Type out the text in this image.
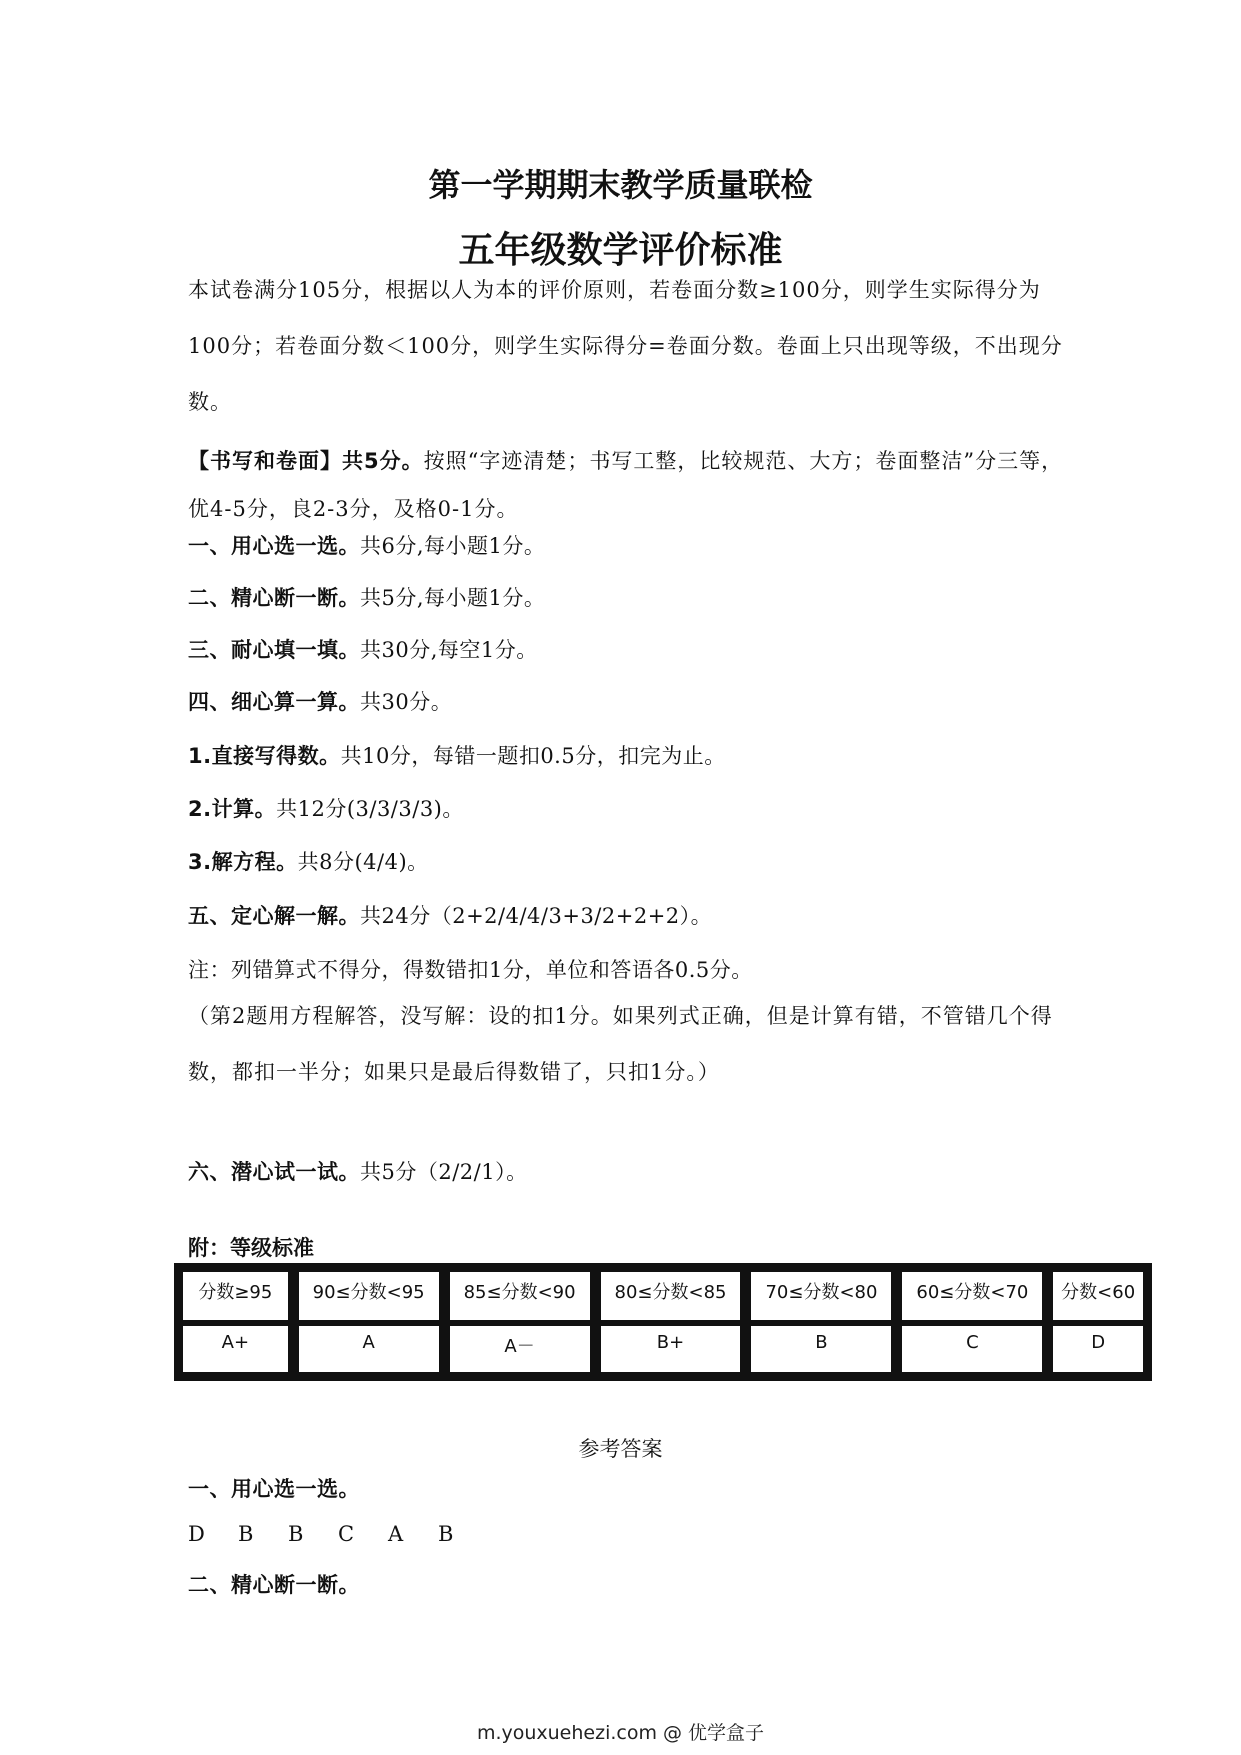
第一学期期末教学质量联检
五年级数学评价标准
本试卷满分105分，根据以人为本的评价原则，若卷面分数≥100分，则学生实际得分为100分；若卷面分数＜100分，则学生实际得分=卷面分数。卷面上只出现等级，不出现分数。
【书写和卷面】共5分。按照“字迹清楚；书写工整，比较规范、大方；卷面整洁”分三等，优4-5分，良2-3分，及格0-1分。
一、用心选一选。共6分,每小题1分。
二、精心断一断。共5分,每小题1分。
三、耐心填一填。共30分,每空1分。
四、细心算一算。共30分。
1.直接写得数。共10分，每错一题扣0.5分，扣完为止。
2.计算。共12分(3/3/3/3)。
3.解方程。共8分(4/4)。
五、定心解一解。共24分（2+2/4/4/3+3/2+2+2）。
注：列错算式不得分，得数错扣1分，单位和答语各0.5分。
（第2题用方程解答，没写解：设的扣1分。如果列式正确，但是计算有错，不管错几个得数，都扣一半分；如果只是最后得数错了，只扣1分。）
六、潜心试一试。共5分（2/2/1）。
附：等级标准
分数≥95	90≤分数<95	85≤分数<90	80≤分数<85	70≤分数<80	60≤分数<70	分数<60
A+	A	A－	B+	B	C	D
参考答案
一、用心选一选。
D B B C A B
二、精心断一断。
m.youxuehezi.com @ 优学盒子
